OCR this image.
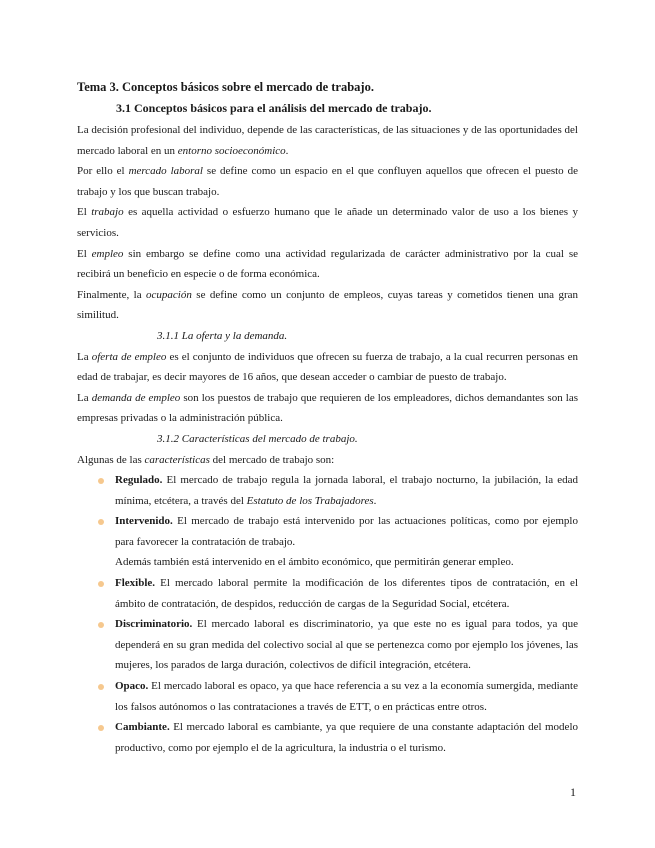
Tema 3. Conceptos básicos sobre el mercado de trabajo.
3.1 Conceptos básicos para el análisis del mercado de trabajo.

La decisión profesional del individuo, depende de las características, de las situaciones y de las oportunidades del mercado laboral en un entorno socioeconómico.

Por ello el mercado laboral se define como un espacio en el que confluyen aquellos que ofrecen el puesto de trabajo y los que buscan trabajo.

El trabajo es aquella actividad o esfuerzo humano que le añade un determinado valor de uso a los bienes y servicios.

El empleo sin embargo se define como una actividad regularizada de carácter administrativo por la cual se recibirá un beneficio en especie o de forma económica.

Finalmente, la ocupación se define como un conjunto de empleos, cuyas tareas y cometidos tienen una gran similitud.

3.1.1 La oferta y la demanda.

La oferta de empleo es el conjunto de individuos que ofrecen su fuerza de trabajo, a la cual recurren personas en edad de trabajar, es decir mayores de 16 años, que desean acceder o cambiar de puesto de trabajo.

La demanda de empleo son los puestos de trabajo que requieren de los empleadores, dichos demandantes son las empresas privadas o la administración pública.

3.1.2 Características del mercado de trabajo.

Algunas de las características del mercado de trabajo son:

Regulado. El mercado de trabajo regula la jornada laboral, el trabajo nocturno, la jubilación, la edad mínima, etcétera, a través del Estatuto de los Trabajadores.
Intervenido. El mercado de trabajo está intervenido por las actuaciones políticas, como por ejemplo para favorecer la contratación de trabajo.
Además también está intervenido en el ámbito económico, que permitirán generar empleo.
Flexible. El mercado laboral permite la modificación de los diferentes tipos de contratación, en el ámbito de contratación, de despidos, reducción de cargas de la Seguridad Social, etcétera.
Discriminatorio. El mercado laboral es discriminatorio, ya que este no es igual para todos, ya que dependerá en su gran medida del colectivo social al que se pertenezca como por ejemplo los jóvenes, las mujeres, los parados de larga duración, colectivos de difícil integración, etcétera.
Opaco. El mercado laboral es opaco, ya que hace referencia a su vez a la economía sumergida, mediante los falsos autónomos o las contrataciones a través de ETT, o en prácticas entre otros.
Cambiante. El mercado laboral es cambiante, ya que requiere de una constante adaptación del modelo productivo, como por ejemplo el de la agricultura, la industria o el turismo.
1
